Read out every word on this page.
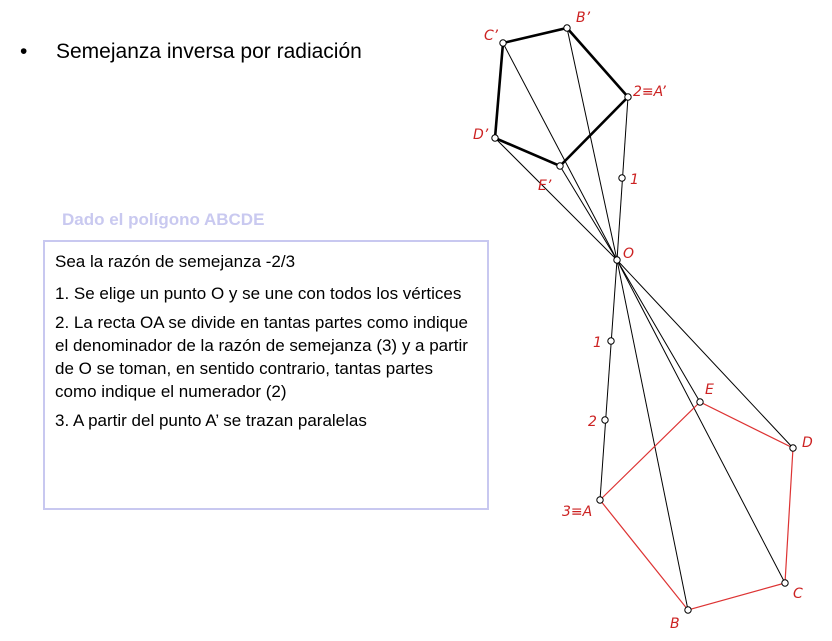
• Semejanza inversa por radiación
Dado el polígono ABCDE

Sea la razón de semejanza -2/3

1. Se elige un punto O y se une con todos los vértices

2. La recta OA se divide en tantas partes como indique el denominador de la razón de semejanza (3) y a partir de O se toman, en sentido contrario, tantas partes como indique el numerador (2)

3. A partir del punto A’ se trazan paralelas

3≡A
B
C
D
E
O
1
2
2≡A’
1
B’
C’
D’
E’
